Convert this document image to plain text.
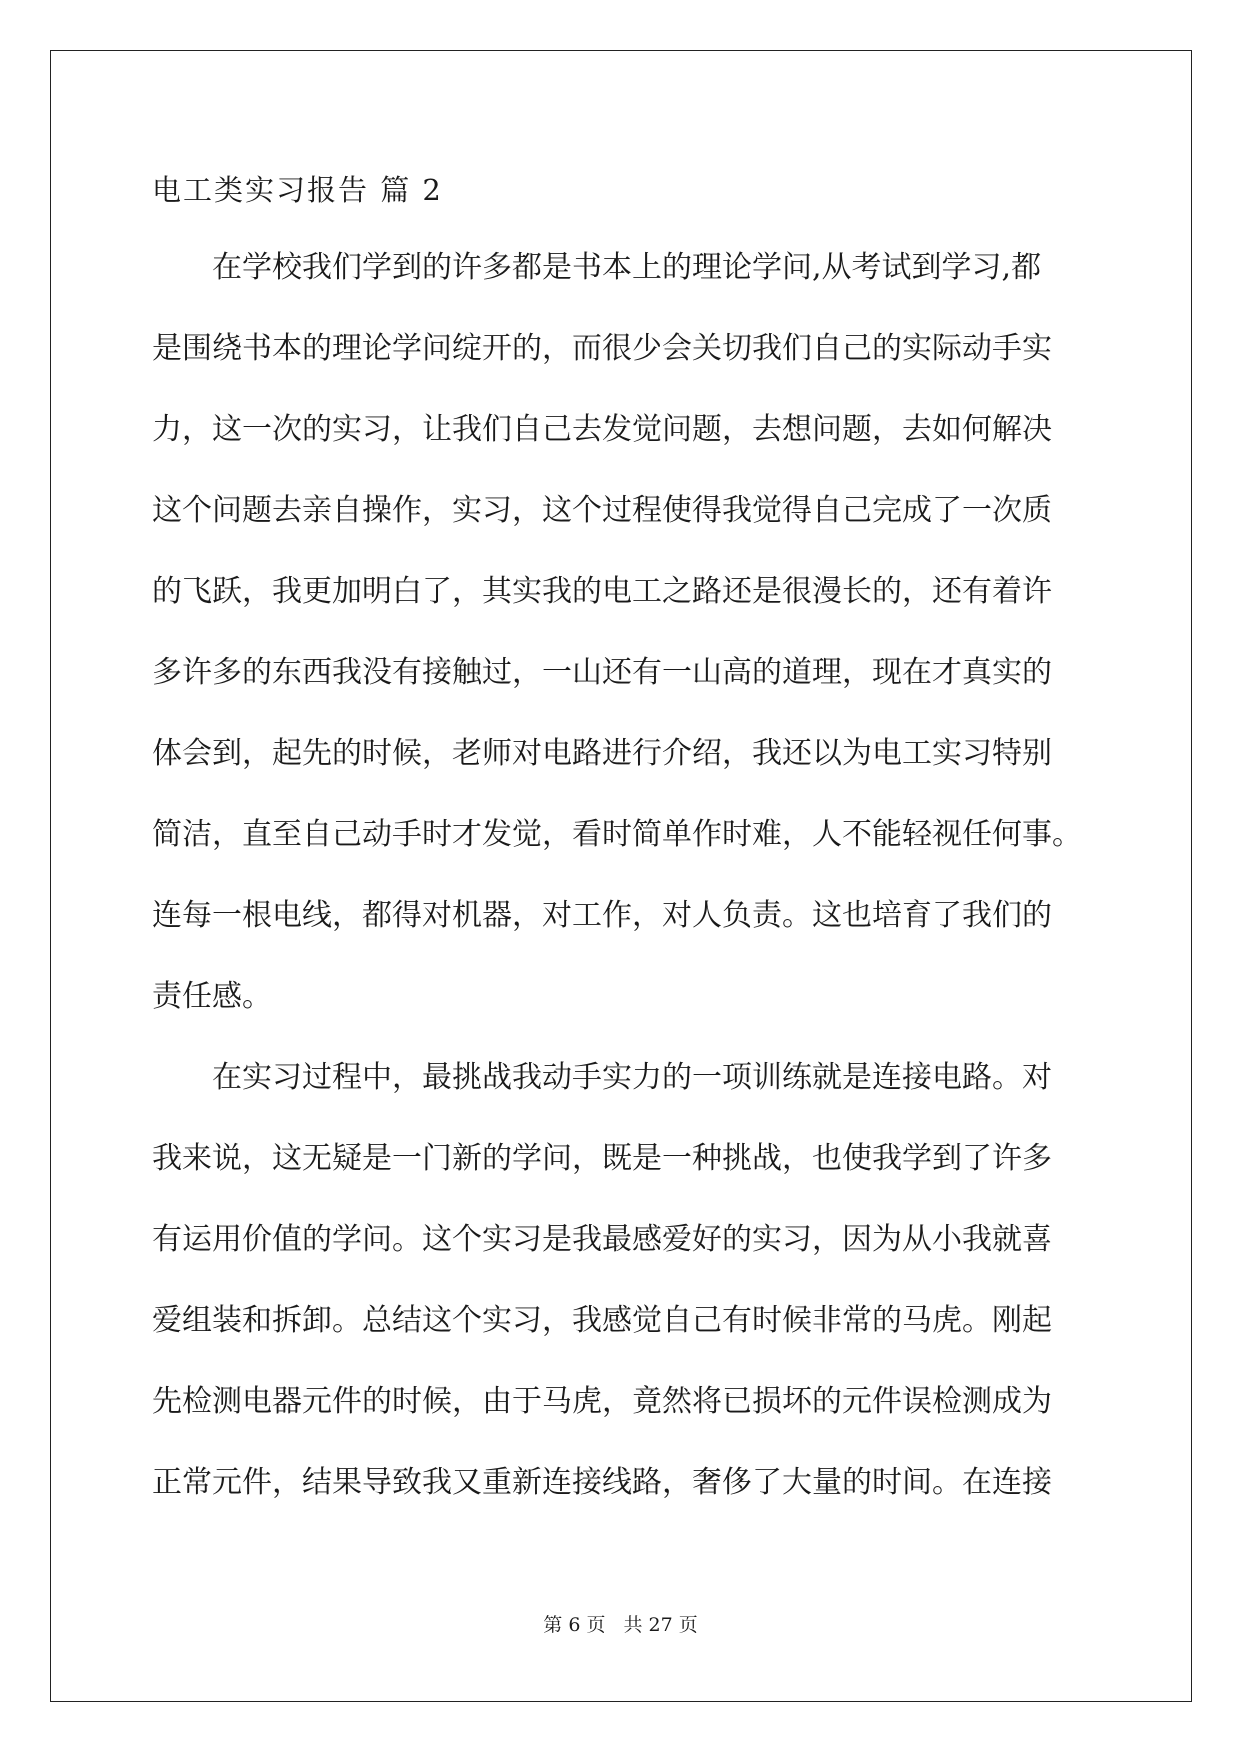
电工类实习报告 篇 2

　　在学校我们学到的许多都是书本上的理论学问,从考试到学习,都

是围绕书本的理论学问绽开的，而很少会关切我们自己的实际动手实

力，这一次的实习，让我们自己去发觉问题，去想问题，去如何解决

这个问题去亲自操作，实习，这个过程使得我觉得自己完成了一次质

的飞跃，我更加明白了，其实我的电工之路还是很漫长的，还有着许

多许多的东西我没有接触过，一山还有一山高的道理，现在才真实的

体会到，起先的时候，老师对电路进行介绍，我还以为电工实习特别

简洁，直至自己动手时才发觉，看时简单作时难，人不能轻视任何事。

连每一根电线，都得对机器，对工作，对人负责。这也培育了我们的

责任感。

　　在实习过程中，最挑战我动手实力的一项训练就是连接电路。对

我来说，这无疑是一门新的学问，既是一种挑战，也使我学到了许多

有运用价值的学问。这个实习是我最感爱好的实习，因为从小我就喜

爱组装和拆卸。总结这个实习，我感觉自己有时候非常的马虎。刚起

先检测电器元件的时候，由于马虎，竟然将已损坏的元件误检测成为

正常元件，结果导致我又重新连接线路，奢侈了大量的时间。在连接

第 6 页 共 27 页
